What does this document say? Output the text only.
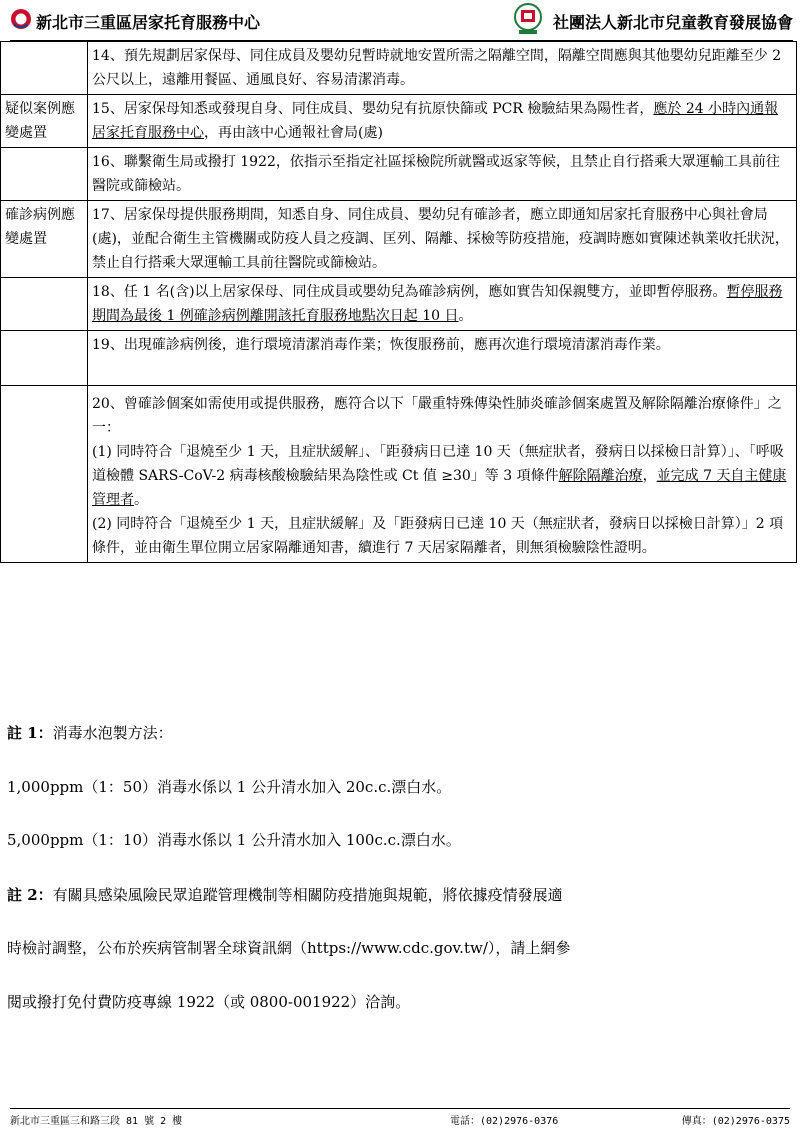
新北市三重區居家托育服務中心	社團法人新北市兒童教育發展協會
	14、預先規劃居家保母、同住成員及嬰幼兒暫時就地安置所需之隔離空間，隔離空間應與其他嬰幼兒距離至少 2 公尺以上，遠離用餐區、通風良好、容易清潔消毒。
疑似案例應變處置	15、居家保母知悉或發現自身、同住成員、嬰幼兒有抗原快篩或 PCR 檢驗結果為陽性者，應於 24 小時內通報居家托育服務中心，再由該中心通報社會局(處)
	16、聯繫衛生局或撥打 1922，依指示至指定社區採檢院所就醫或返家等候，且禁止自行搭乘大眾運輸工具前往醫院或篩檢站。
確診病例應變處置	17、居家保母提供服務期間，知悉自身、同住成員、嬰幼兒有確診者，應立即通知居家托育服務中心與社會局(處)，並配合衛生主管機關或防疫人員之疫調、匡列、隔離、採檢等防疫措施，疫調時應如實陳述執業收托狀況，禁止自行搭乘大眾運輸工具前往醫院或篩檢站。
	18、任 1 名(含)以上居家保母、同住成員或嬰幼兒為確診病例，應如實告知保親雙方，並即暫停服務。暫停服務期間為最後 1 例確診病例離開該托育服務地點次日起 10 日。
	19、出現確診病例後，進行環境清潔消毒作業；恢復服務前，應再次進行環境清潔消毒作業。

	20、曾確診個案如需使用或提供服務，應符合以下「嚴重特殊傳染性肺炎確診個案處置及解除隔離治療條件」之一：
(1) 同時符合「退燒至少 1 天，且症狀緩解」、「距發病日已達 10 天（無症狀者，發病日以採檢日計算）」、「呼吸道檢體 SARS-CoV-2 病毒核酸檢驗結果為陰性或 Ct 值 ≥30」等 3 項條件解除隔離治療，並完成 7 天自主健康管理者。
(2) 同時符合「退燒至少 1 天，且症狀緩解」及「距發病日已達 10 天（無症狀者，發病日以採檢日計算）」2 項條件，並由衛生單位開立居家隔離通知書，續進行 7 天居家隔離者，則無須檢驗陰性證明。
註 1：消毒水泡製方法：
1,000ppm（1：50）消毒水係以 1 公升清水加入 20c.c.漂白水。
5,000ppm（1：10）消毒水係以 1 公升清水加入 100c.c.漂白水。
註 2：有關具感染風險民眾追蹤管理機制等相關防疫措施與規範，將依據疫情發展適
時檢討調整，公布於疾病管制署全球資訊網（https://www.cdc.gov.tw/），請上網參
閱或撥打免付費防疫專線 1922（或 0800-001922）洽詢。
新北市三重區三和路三段 81 號 2 樓	電話：(02)2976-0376	傳真：(02)2976-0375
